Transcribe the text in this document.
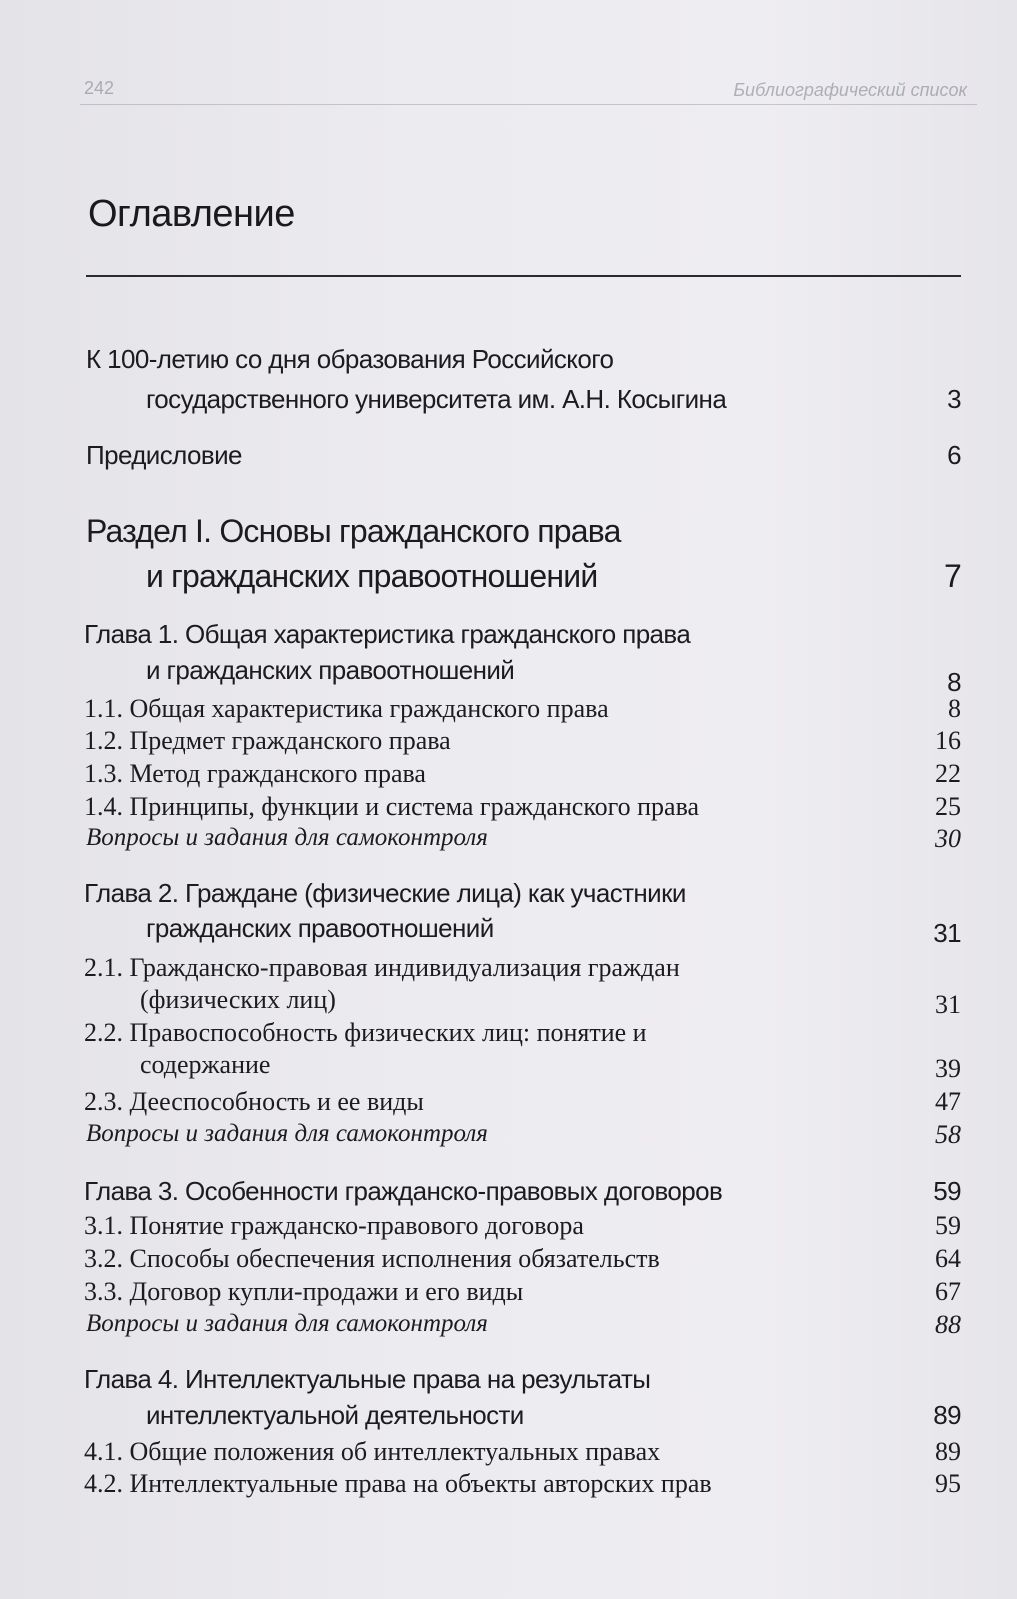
242	Библиографический список
Оглавление
К 100-летию со дня образования Российского
государственного университета им. А.Н. Косыгина	3
Предисловие	6
Раздел I. Основы гражданского права
и гражданских правоотношений	7
Глава 1. Общая характеристика гражданского права
и гражданских правоотношений	8
1.1. Общая характеристика гражданского права	8
1.2. Предмет гражданского права	16
1.3. Метод гражданского права	22
1.4. Принципы, функции и система гражданского права	25
Вопросы и задания для самоконтроля	30
Глава 2. Граждане (физические лица) как участники
гражданских правоотношений	31
2.1. Гражданско-правовая индивидуализация граждан
(физических лиц)	31
2.2. Правоспособность физических лиц: понятие и
содержание	39
2.3. Дееспособность и ее виды	47
Вопросы и задания для самоконтроля	58
Глава 3. Особенности гражданско-правовых договоров	59
3.1. Понятие гражданско-правового договора	59
3.2. Способы обеспечения исполнения обязательств	64
3.3. Договор купли-продажи и его виды	67
Вопросы и задания для самоконтроля	88
Глава 4. Интеллектуальные права на результаты
интеллектуальной деятельности	89
4.1. Общие положения об интеллектуальных правах	89
4.2. Интеллектуальные права на объекты авторских прав	95
